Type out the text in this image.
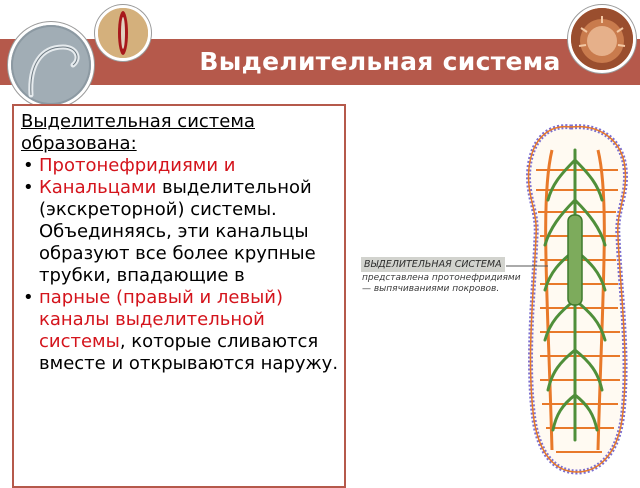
Выделительная система
Выделительная система образована:
• Протонефридиями и
• Канальцами выделительной (экскреторной) системы. Объединяясь, эти канальцы образуют все более крупные трубки, впадающие в
• парные (правый и левый) каналы выделительной системы, которые сливаются вместе и открываются наружу.
ВЫДЕЛИТЕЛЬНАЯ СИСТЕМА
представлена протонефридиями — выпячиваниями покровов.
